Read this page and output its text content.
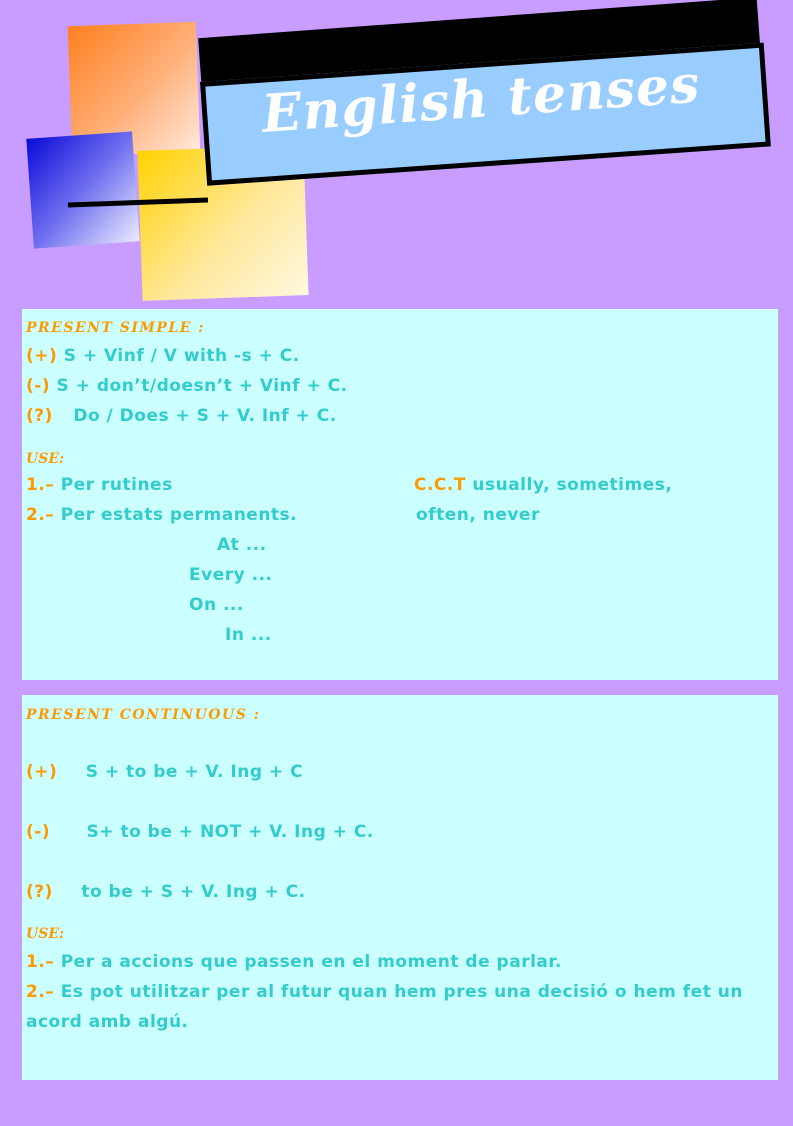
English tenses
PRESENT SIMPLE :
(+) S + Vinf / V with -s + C.
(-) S + don’t/doesn’t + Vinf + C.
(?) Do / Does + S + V. Inf + C.
USE:
1.– Per rutines
2.– Per estats permanents.
C.C.T usually, sometimes,
often, never
At ...
Every ...
On ...
In ...
PRESENT CONTINUOUS :
(+) S + to be + V. Ing + C
(-) S+ to be + NOT + V. Ing + C.
(?) to be + S + V. Ing + C.
USE:
1.– Per a accions que passen en el moment de parlar.
2.– Es pot utilitzar per al futur quan hem pres una decisió o hem fet un acord amb algú.
